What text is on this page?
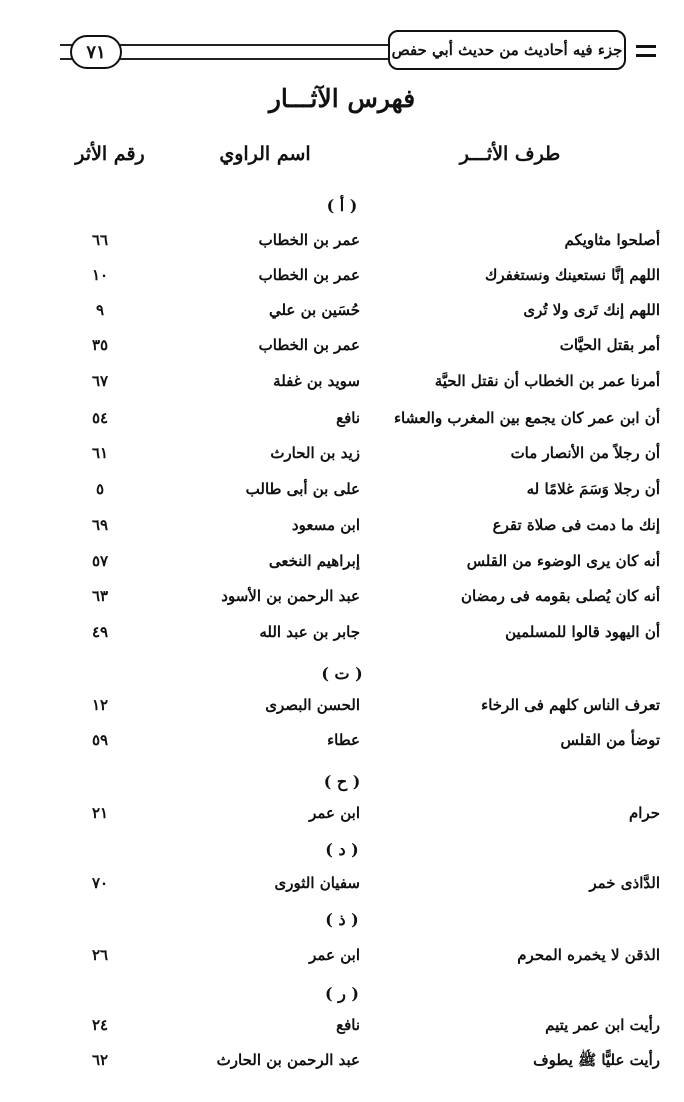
٧١	جزء فيه أحاديث من حديث أبي حفص
فهرس الآثـــار
طرف الأثـــر
اسم الراوي
رقم الأثر
( أ )
أصلحوا مثاويكم
عمر بن الخطاب
٦٦
اللهم إنَّا نستعينك ونستغفرك
عمر بن الخطاب
١٠
اللهم إنك تَرى ولا تُرى
حُسَين بن علي
٩
أمر بقتل الحيَّات
عمر بن الخطاب
٣٥
أمرنا عمر بن الخطاب أن نقتل الحيَّة
سويد بن غفلة
٦٧
أن ابن عمر كان يجمع بين المغرب والعشاء
نافع
٥٤
أن رجلاً من الأنصار مات
زيد بن الحارث
٦١
أن رجلا وَسَمَ غلامًا له
على بن أبى طالب
٥
إنك ما دمت فى صلاة تقرع
ابن مسعود
٦٩
أنه كان يرى الوضوء من القلس
إبراهيم النخعى
٥٧
أنه كان يُصلى بقومه فى رمضان
عبد الرحمن بن الأسود
٦٣
أن اليهود قالوا للمسلمين
جابر بن عبد الله
٤٩
( ت )
تعرف الناس كلهم فى الرخاء
الحسن البصرى
١٢
توضأ من القلس
عطاء
٥٩
( ح )
حرام
ابن عمر
٢١
( د )
الدَّاذى خمر
سفيان الثورى
٧٠
( ذ )
الذقن لا يخمره المحرم
ابن عمر
٢٦
( ر )
رأيت ابن عمر يتيم
نافع
٢٤
رأيت عليًّا ﷺ يطوف
عبد الرحمن بن الحارث
٦٢
